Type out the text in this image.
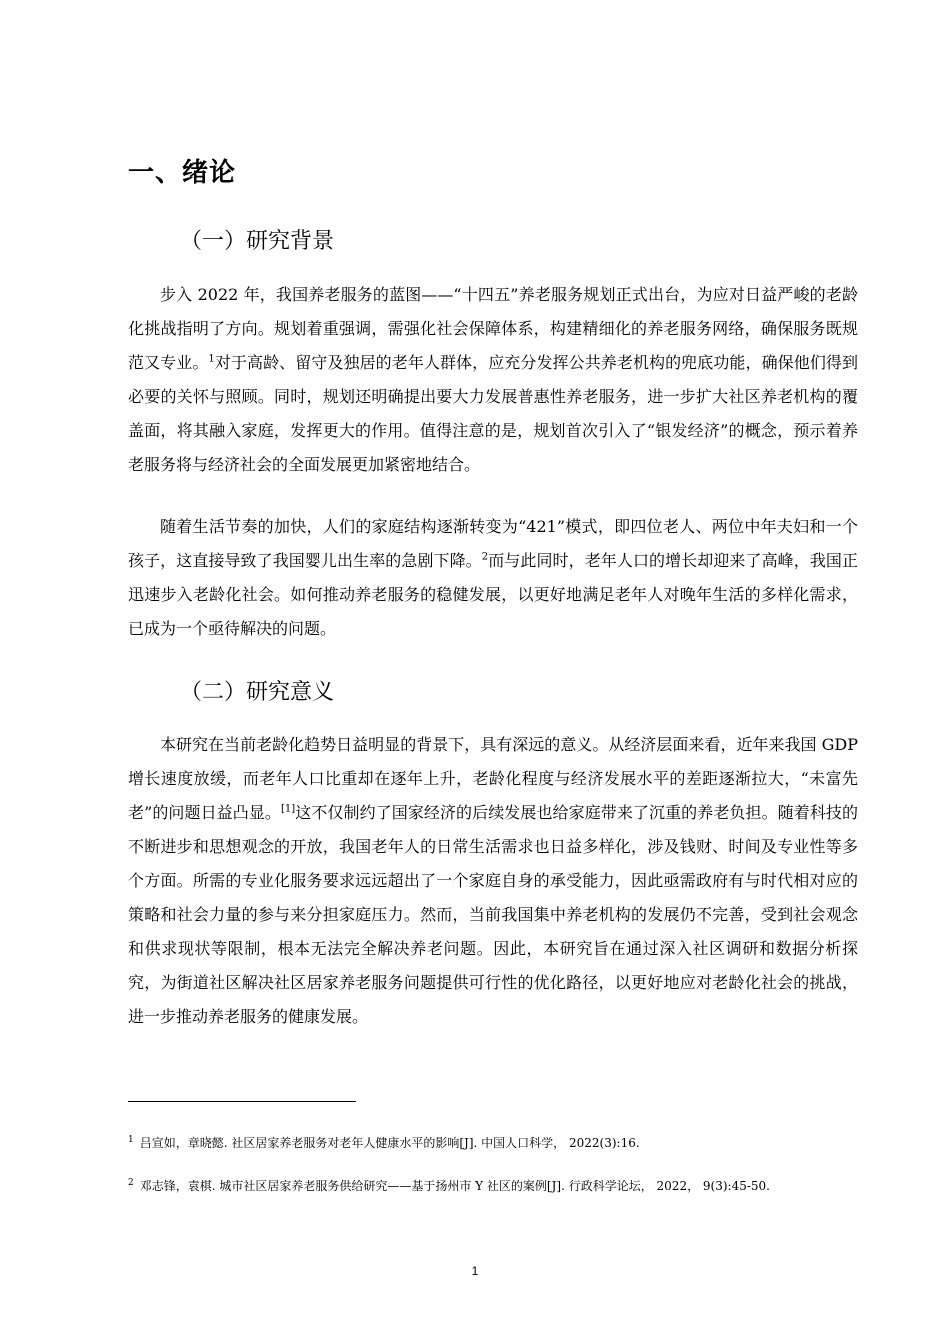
一、绪论
（一）研究背景

步入 2022 年，我国养老服务的蓝图——“十四五”养老服务规划正式出台，为应对日益严峻的老龄化挑战指明了方向。规划着重强调，需强化社会保障体系，构建精细化的养老服务网络，确保服务既规范又专业。$^1$对于高龄、留守及独居的老年人群体，应充分发挥公共养老机构的兜底功能，确保他们得到必要的关怀与照顾。同时，规划还明确提出要大力发展普惠性养老服务，进一步扩大社区养老机构的覆盖面，将其融入家庭，发挥更大的作用。值得注意的是，规划首次引入了“银发经济”的概念，预示着养老服务将与经济社会的全面发展更加紧密地结合。

随着生活节奏的加快，人们的家庭结构逐渐转变为“421”模式，即四位老人、两位中年夫妇和一个孩子，这直接导致了我国婴儿出生率的急剧下降。$^2$而与此同时，老年人口的增长却迎来了高峰，我国正迅速步入老龄化社会。如何推动养老服务的稳健发展，以更好地满足老年人对晚年生活的多样化需求，已成为一个亟待解决的问题。

（二）研究意义

本研究在当前老龄化趋势日益明显的背景下，具有深远的意义。从经济层面来看，近年来我国 GDP 增长速度放缓，而老年人口比重却在逐年上升，老龄化程度与经济发展水平的差距逐渐拉大，“未富先老”的问题日益凸显。[1]这不仅制约了国家经济的后续发展也给家庭带来了沉重的养老负担。随着科技的不断进步和思想观念的开放，我国老年人的日常生活需求也日益多样化，涉及钱财、时间及专业性等多个方面。所需的专业化服务要求远远超出了一个家庭自身的承受能力，因此亟需政府有与时代相对应的策略和社会力量的参与来分担家庭压力。然而，当前我国集中养老机构的发展仍不完善，受到社会观念和供求现状等限制，根本无法完全解决养老问题。因此，本研究旨在通过深入社区调研和数据分析探究，为街道社区解决社区居家养老服务问题提供可行性的优化路径，以更好地应对老龄化社会的挑战，进一步推动养老服务的健康发展。

$^1$ 吕宣如，章晓懿. 社区居家养老服务对老年人健康水平的影响[J]. 中国人口科学， 2022(3):16.

$^2$ 邓志锋，袁棋. 城市社区居家养老服务供给研究——基于扬州市 Y 社区的案例[J]. 行政科学论坛， 2022， 9(3):45-50.

1
